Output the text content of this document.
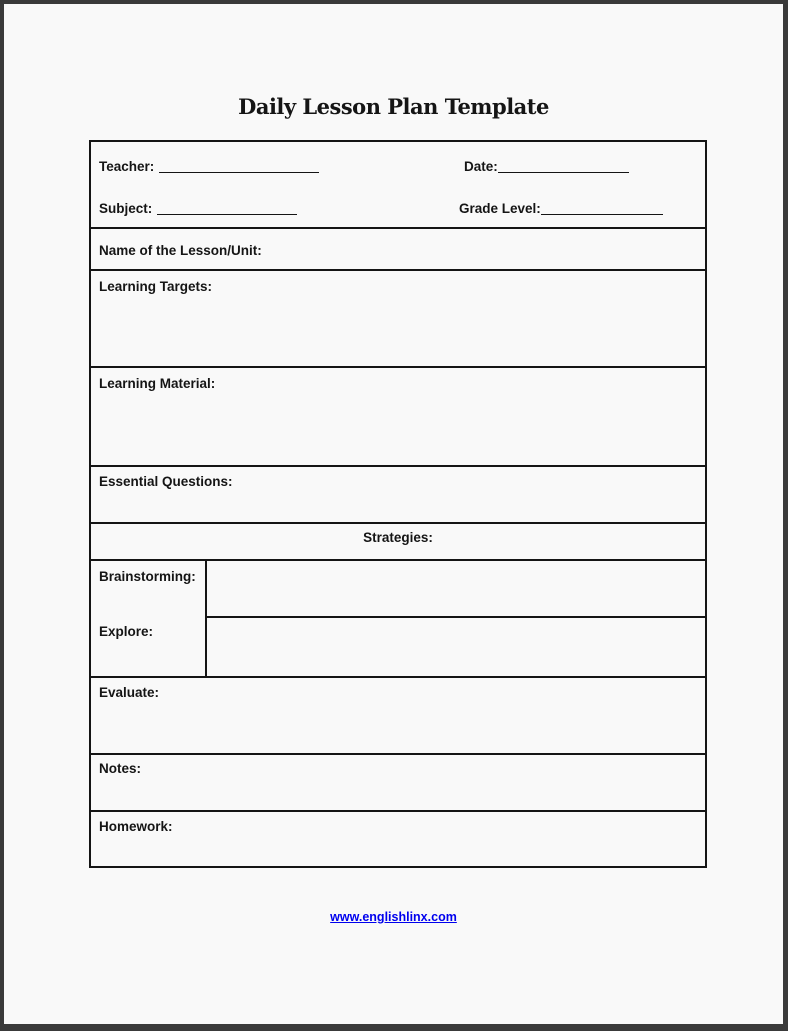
Daily Lesson Plan Template
Teacher:	Date:
Subject:	Grade Level:
Name of the Lesson/Unit:
Learning Targets:
Learning Material:
Essential Questions:
Strategies:
Brainstorming:
Explore:
Evaluate:
Notes:
Homework:
www.englishlinx.com
